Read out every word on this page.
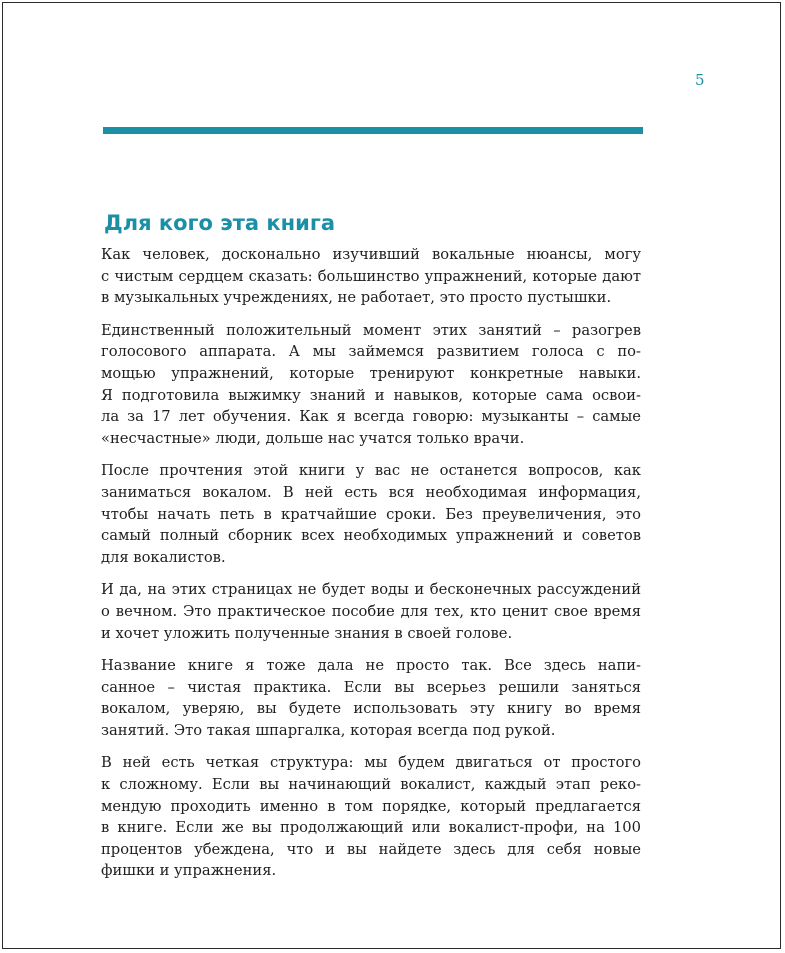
5
Для кого эта книга

Как человек, досконально изучивший вокальные нюансы, могу
с чистым сердцем сказать: большинство упражнений, которые дают
в музыкальных учреждениях, не работает, это просто пустышки.

Единственный положительный момент этих занятий – разогрев
голосового аппарата. А мы займемся развитием голоса с по-
мощью упражнений, которые тренируют конкретные навыки.
Я подготовила выжимку знаний и навыков, которые сама освои-
ла за 17 лет обучения. Как я всегда говорю: музыканты – самые
«несчастные» люди, дольше нас учатся только врачи.

После прочтения этой книги у вас не останется вопросов, как
заниматься вокалом. В ней есть вся необходимая информация,
чтобы начать петь в кратчайшие сроки. Без преувеличения, это
самый полный сборник всех необходимых упражнений и советов
для вокалистов.

И да, на этих страницах не будет воды и бесконечных рассуждений
о вечном. Это практическое пособие для тех, кто ценит свое время
и хочет уложить полученные знания в своей голове.

Название книге я тоже дала не просто так. Все здесь напи-
санное – чистая практика. Если вы всерьез решили заняться
вокалом, уверяю, вы будете использовать эту книгу во время
занятий. Это такая шпаргалка, которая всегда под рукой.

В ней есть четкая структура: мы будем двигаться от простого
к сложному. Если вы начинающий вокалист, каждый этап реко-
мендую проходить именно в том порядке, который предлагается
в книге. Если же вы продолжающий или вокалист-профи, на 100
процентов убеждена, что и вы найдете здесь для себя новые
фишки и упражнения.
